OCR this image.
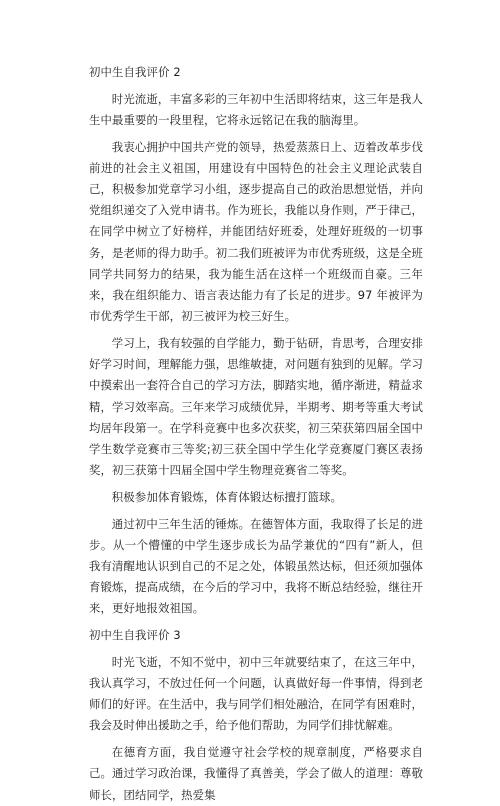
初中生自我评价 2

时光流逝，丰富多彩的三年初中生活即将结束，这三年是我人生中最重要的一段里程，它将永远铭记在我的脑海里。

我衷心拥护中国共产党的领导，热爱蒸蒸日上、迈着改革步伐前进的社会主义祖国，用建设有中国特色的社会主义理论武装自己，积极参加党章学习小组，逐步提高自己的政治思想觉悟，并向党组织递交了入党申请书。作为班长，我能以身作则，严于律己，在同学中树立了好榜样，并能团结好班委，处理好班级的一切事务，是老师的得力助手。初二我们班被评为市优秀班级，这是全班同学共同努力的结果，我为能生活在这样一个班级而自豪。三年来，我在组织能力、语言表达能力有了长足的进步。97 年被评为市优秀学生干部，初三被评为校三好生。

学习上，我有较强的自学能力，勤于钻研，肯思考，合理安排好学习时间，理解能力强，思维敏捷，对问题有独到的见解。学习中摸索出一套符合自己的学习方法，脚踏实地，循序渐进，精益求精，学习效率高。三年来学习成绩优异，半期考、期考等重大考试均居年段第一。在学科竞赛中也多次获奖，初三荣获第四届全国中学生数学竞赛市三等奖;初三获全国中学生化学竞赛厦门赛区表扬奖，初三获第十四届全国中学生物理竞赛省二等奖。

积极参加体育锻炼，体育体锻达标擅打篮球。

通过初中三年生活的锤炼。在德智体方面，我取得了长足的进步。从一个懵懂的中学生逐步成长为品学兼优的“四有”新人，但我有清醒地认识到自己的不足之处，体锻虽然达标，但还须加强体育锻炼，提高成绩，在今后的学习中，我将不断总结经验，继往开来，更好地报效祖国。

初中生自我评价 3

时光飞逝，不知不觉中，初中三年就要结束了，在这三年中，我认真学习，不放过任何一个问题，认真做好每一件事情，得到老师们的好评。在生活中，我与同学们相处融洽，在同学有困难时，我会及时伸出援助之手，给予他们帮助，为同学们排忧解难。

在德育方面，我自觉遵守社会学校的规章制度，严格要求自己。通过学习政治课，我懂得了真善美，学会了做人的道理：尊敬师长，团结同学，热爱集
